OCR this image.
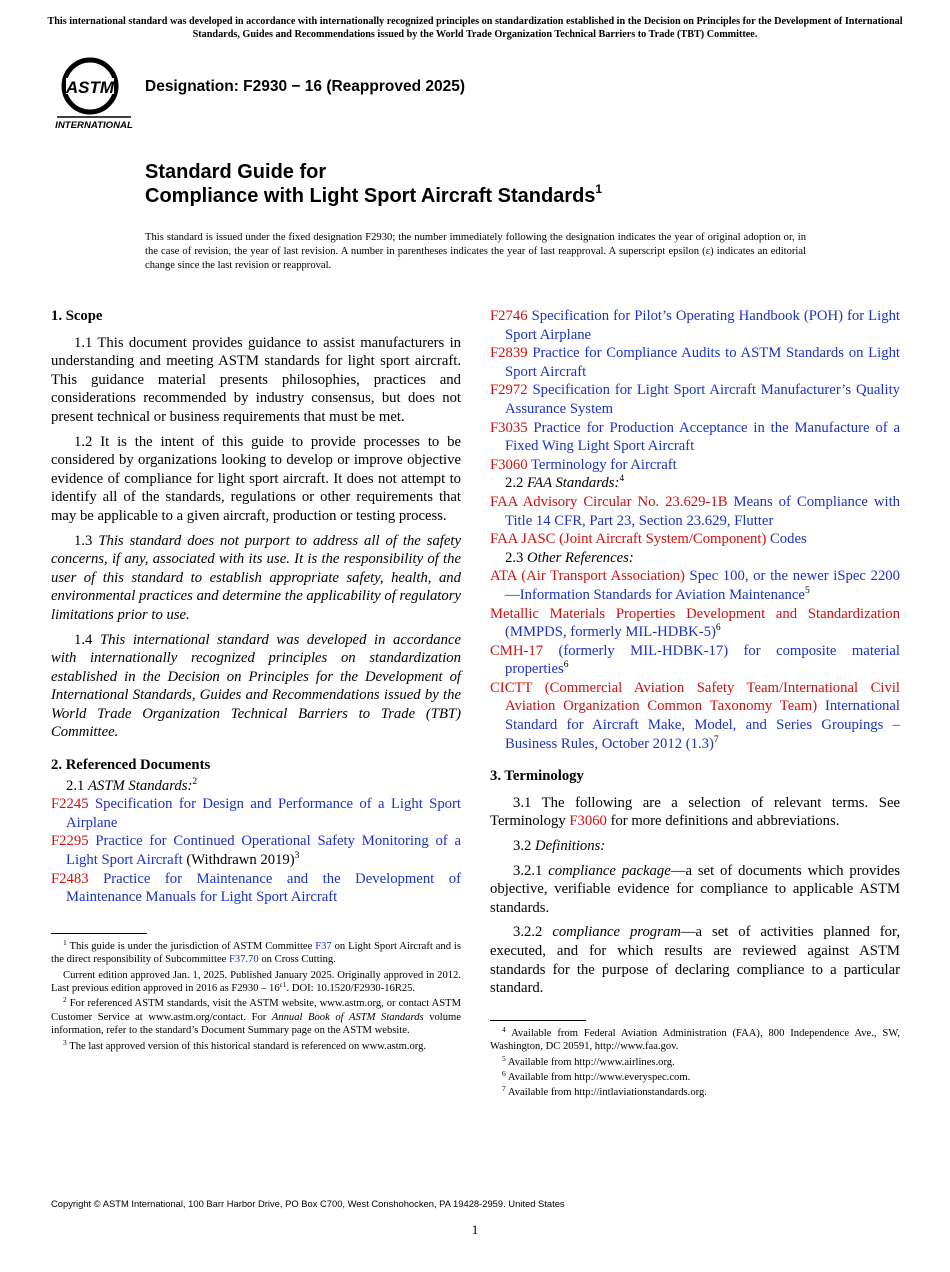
This international standard was developed in accordance with internationally recognized principles on standardization established in the Decision on Principles for the Development of International Standards, Guides and Recommendations issued by the World Trade Organization Technical Barriers to Trade (TBT) Committee.
ASTM
INTERNATIONAL
Designation: F2930 − 16 (Reapproved 2025)
Standard Guide for
Compliance with Light Sport Aircraft Standards$^1$
This standard is issued under the fixed designation F2930; the number immediately following the designation indicates the year of original adoption or, in the case of revision, the year of last revision. A number in parentheses indicates the year of last reapproval. A superscript epsilon (ε) indicates an editorial change since the last revision or reapproval.
1. Scope

1.1 This document provides guidance to assist manufacturers in understanding and meeting ASTM standards for light sport aircraft. This guidance material presents philosophies, practices and considerations recommended by industry consensus, but does not present technical or business requirements that must be met.

1.2 It is the intent of this guide to provide processes to be considered by organizations looking to develop or improve objective evidence of compliance for light sport aircraft. It does not attempt to identify all of the standards, regulations or other requirements that may be applicable to a given aircraft, production or testing process.

1.3 This standard does not purport to address all of the safety concerns, if any, associated with its use. It is the responsibility of the user of this standard to establish appropriate safety, health, and environmental practices and determine the applicability of regulatory limitations prior to use.

1.4 This international standard was developed in accordance with internationally recognized principles on standardization established in the Decision on Principles for the Development of International Standards, Guides and Recommendations issued by the World Trade Organization Technical Barriers to Trade (TBT) Committee.

2. Referenced Documents

2.1 ASTM Standards:$^2$

F2245 Specification for Design and Performance of a Light Sport Airplane

F2295 Practice for Continued Operational Safety Monitoring of a Light Sport Aircraft (Withdrawn 2019)$^3$

F2483 Practice for Maintenance and the Development of Maintenance Manuals for Light Sport Aircraft

$^1$ This guide is under the jurisdiction of ASTM Committee F37 on Light Sport Aircraft and is the direct responsibility of Subcommittee F37.70 on Cross Cutting.

Current edition approved Jan. 1, 2025. Published January 2025. Originally approved in 2012. Last previous edition approved in 2016 as $F2930 - 16^{\varepsilon 1}$. DOI: 10.1520/F2930-16R25.

$^2$ For referenced ASTM standards, visit the ASTM website, www.astm.org, or contact ASTM Customer Service at www.astm.org/contact. For Annual Book of ASTM Standards volume information, refer to the standard’s Document Summary page on the ASTM website.

$^3$ The last approved version of this historical standard is referenced on www.astm.org.

F2746 Specification for Pilot’s Operating Handbook (POH) for Light Sport Airplane

F2839 Practice for Compliance Audits to ASTM Standards on Light Sport Aircraft

F2972 Specification for Light Sport Aircraft Manufacturer’s Quality Assurance System

F3035 Practice for Production Acceptance in the Manufacture of a Fixed Wing Light Sport Aircraft

F3060 Terminology for Aircraft

2.2 FAA Standards:$^4$

FAA Advisory Circular No. 23.629-1B Means of Compliance with Title 14 CFR, Part 23, Section 23.629, Flutter

FAA JASC (Joint Aircraft System/Component) Codes

2.3 Other References:

ATA (Air Transport Association) Spec 100, or the newer iSpec 2200—Information Standards for Aviation Maintenance$^5$

Metallic Materials Properties Development and Standardization (MMPDS, formerly MIL-HDBK-5)$^6$

CMH-17 (formerly MIL-HDBK-17) for composite material properties$^6$

CICTT (Commercial Aviation Safety Team/International Civil Aviation Organization Common Taxonomy Team) International Standard for Aircraft Make, Model, and Series Groupings – Business Rules, October 2012 $(1.3)^7$

3. Terminology

3.1 The following are a selection of relevant terms. See Terminology F3060 for more definitions and abbreviations.

3.2 Definitions:

3.2.1 compliance package—a set of documents which provides objective, verifiable evidence for compliance to applicable ASTM standards.

3.2.2 compliance program—a set of activities planned for, executed, and for which results are reviewed against ASTM standards for the purpose of declaring compliance to a particular standard.

$^4$ Available from Federal Aviation Administration (FAA), 800 Independence Ave., SW, Washington, DC 20591, http://www.faa.gov.

$^5$ Available from http://www.airlines.org.

$^6$ Available from http://www.everyspec.com.

$^7$ Available from http://intlaviationstandards.org.

Copyright © ASTM International, 100 Barr Harbor Drive, PO Box C700, West Conshohocken, PA 19428-2959. United States
1
